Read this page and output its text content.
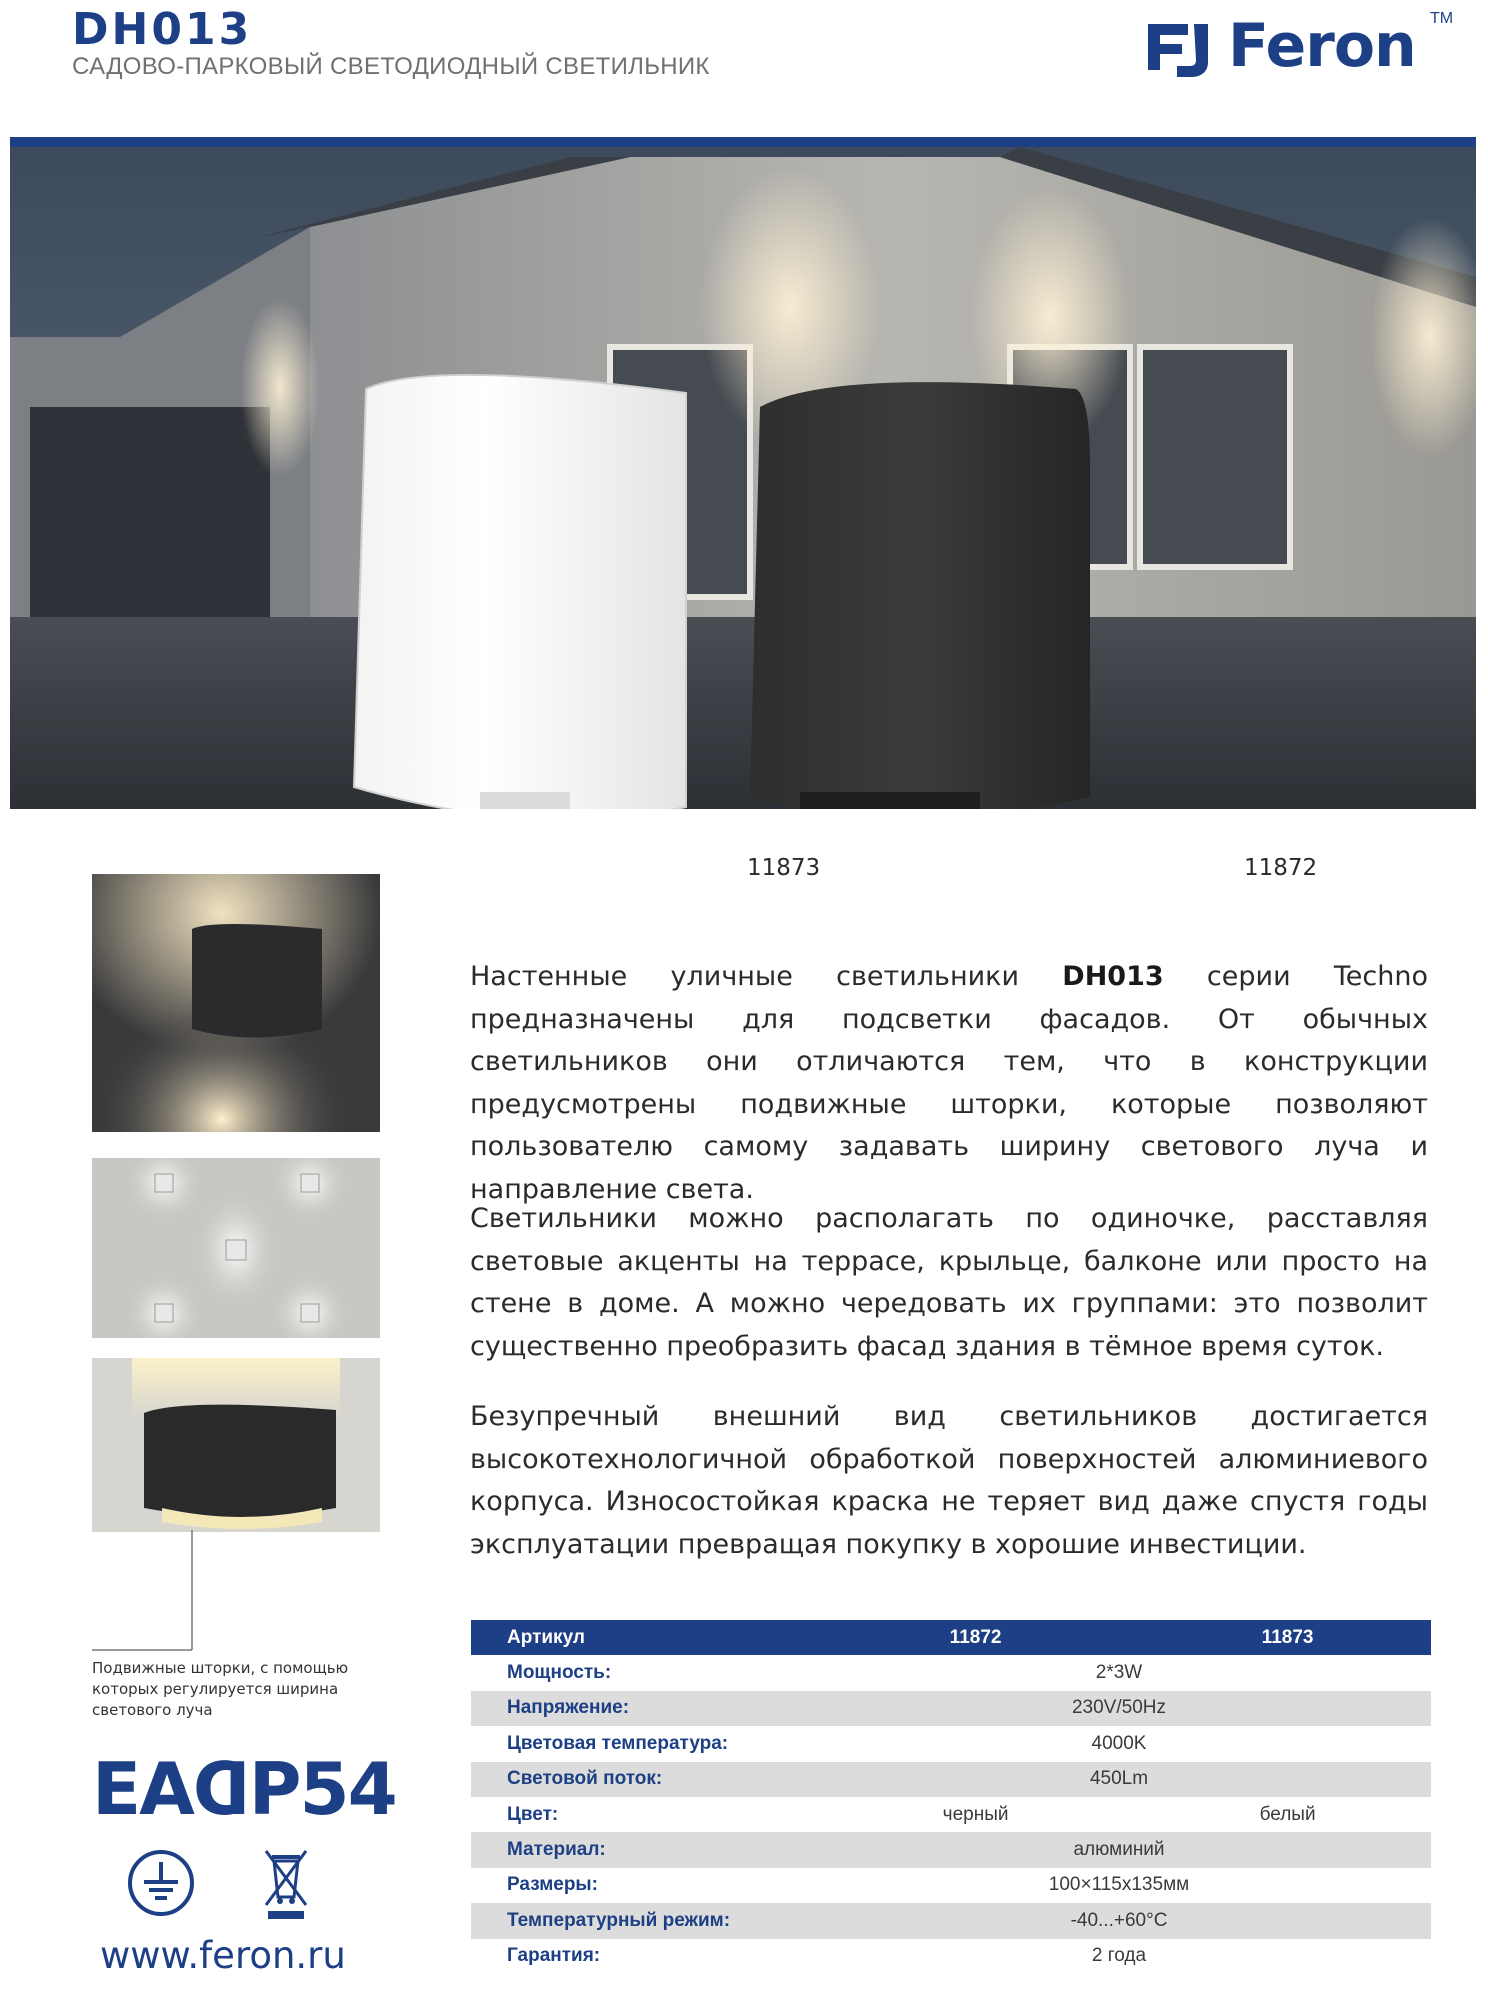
DH013
САДОВО-ПАРКОВЫЙ СВЕТОДИОДНЫЙ СВЕТИЛЬНИК	Feron TM
11873	11872
Подвижные шторки, с помощью которых регулируется ширина светового луча
EAC
IP54
www.feron.ru
Настенные уличные светильники DH013 серии Techno предназначены для подсветки фасадов. От обычных светильников они отличаются тем, что в конструкции предусмотрены подвижные шторки, которые позволяют пользователю самому задавать ширину светового луча и направление света.
Светильники можно располагать по одиночке, расставляя световые акценты на террасе, крыльце, балконе или просто на стене в доме. А можно чередовать их группами: это позволит существенно преобразить фасад здания в тёмное время суток.
Безупречный внешний вид светильников достигается высокотехнологичной обработкой поверхностей алюминиевого корпуса. Износостойкая краска не теряет вид даже спустя годы эксплуатации превращая покупку в хорошие инвестиции.
Артикул	11872	11873
Мощность:	2*3W	
Напряжение:	230V/50Hz	
Цветовая температура:	4000K	
Световой поток:	450Lm	
Цвет:	черный	белый
Материал:	алюминий	
Размеры:	100×115х135мм	
Температурный режим:	-40...+60°C	
Гарантия:	2 года	
